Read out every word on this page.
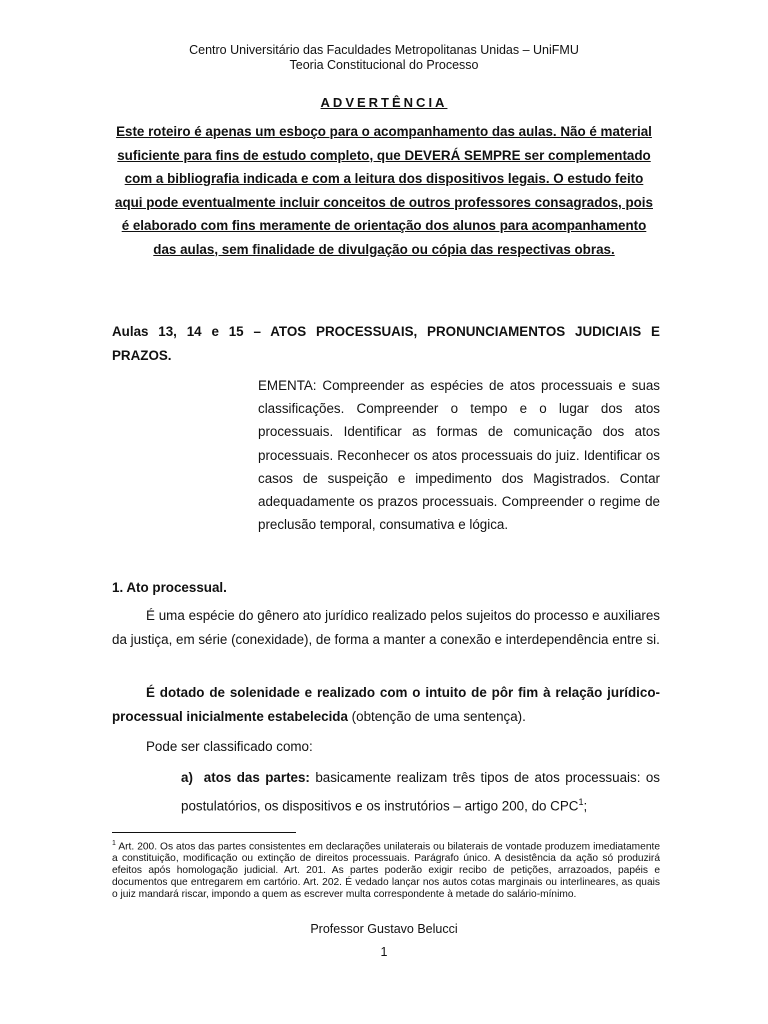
Centro Universitário das Faculdades Metropolitanas Unidas – UniFMU
Teoria Constitucional do Processo
ADVERTÊNCIA
Este roteiro é apenas um esboço para o acompanhamento das aulas. Não é material suficiente para fins de estudo completo, que DEVERÁ SEMPRE ser complementado com a bibliografia indicada e com a leitura dos dispositivos legais. O estudo feito aqui pode eventualmente incluir conceitos de outros professores consagrados, pois é elaborado com fins meramente de orientação dos alunos para acompanhamento das aulas, sem finalidade de divulgação ou cópia das respectivas obras.
Aulas 13, 14 e 15 – ATOS PROCESSUAIS, PRONUNCIAMENTOS JUDICIAIS E PRAZOS.
EMENTA: Compreender as espécies de atos processuais e suas classificações. Compreender o tempo e o lugar dos atos processuais. Identificar as formas de comunicação dos atos processuais. Reconhecer os atos processuais do juiz. Identificar os casos de suspeição e impedimento dos Magistrados. Contar adequadamente os prazos processuais. Compreender o regime de preclusão temporal, consumativa e lógica.
1. Ato processual.
É uma espécie do gênero ato jurídico realizado pelos sujeitos do processo e auxiliares da justiça, em série (conexidade), de forma a manter a conexão e interdependência entre si.
É dotado de solenidade e realizado com o intuito de pôr fim à relação jurídico-processual inicialmente estabelecida (obtenção de uma sentença).
Pode ser classificado como:
a) atos das partes: basicamente realizam três tipos de atos processuais: os postulatórios, os dispositivos e os instrutórios – artigo 200, do CPC$^1$;
$^1$ Art. 200. Os atos das partes consistentes em declarações unilaterais ou bilaterais de vontade produzem imediatamente a constituição, modificação ou extinção de direitos processuais. Parágrafo único. A desistência da ação só produzirá efeitos após homologação judicial. Art. 201. As partes poderão exigir recibo de petições, arrazoados, papéis e documentos que entregarem em cartório. Art. 202. É vedado lançar nos autos cotas marginais ou interlineares, as quais o juiz mandará riscar, impondo a quem as escrever multa correspondente à metade do salário-mínimo.
Professor Gustavo Belucci
1
